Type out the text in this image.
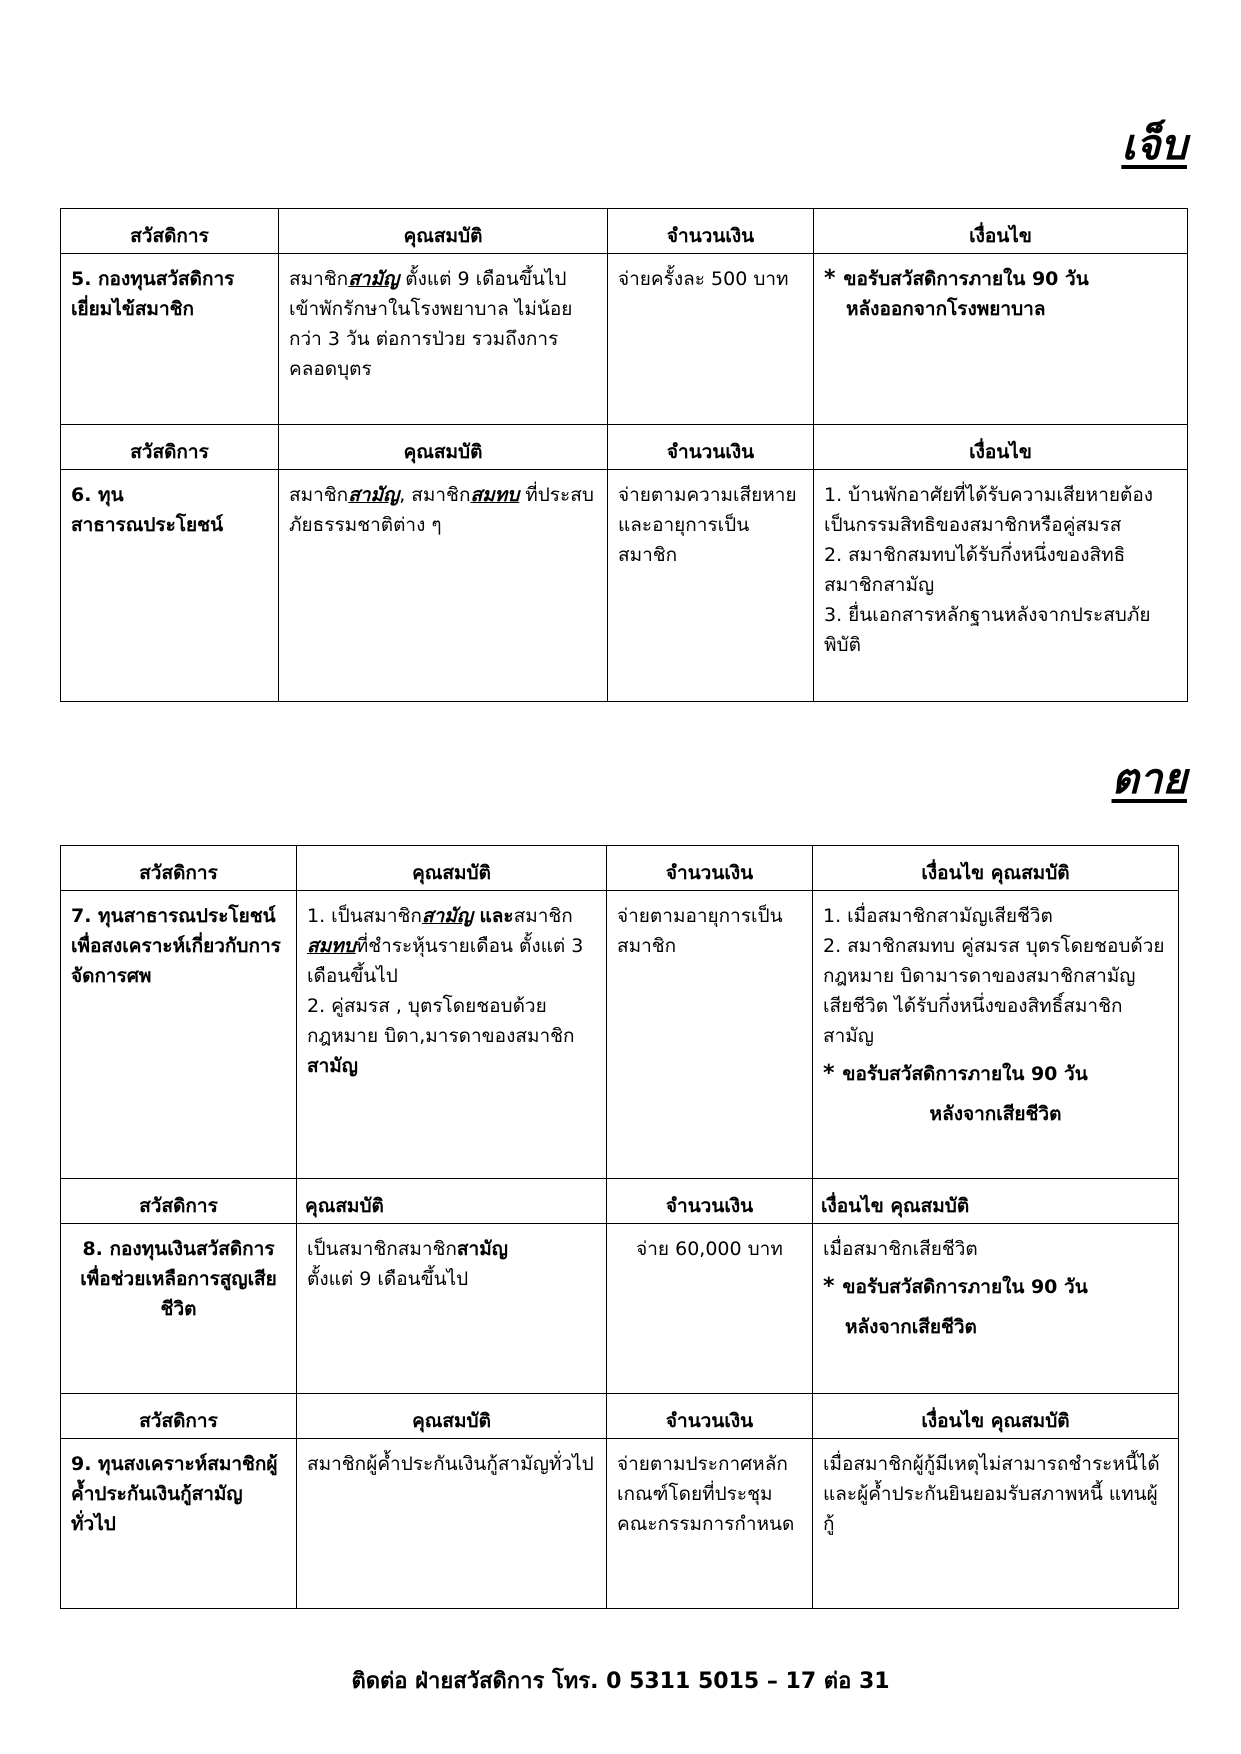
เจ็บ
สวัสดิการ	คุณสมบัติ	จำนวนเงิน	เงื่อนไข
5. กองทุนสวัสดิการเยี่ยมไข้สมาชิก	สมาชิกสามัญ ตั้งแต่ 9 เดือนขึ้นไป เข้าพักรักษาในโรงพยาบาล ไม่น้อยกว่า 3 วัน ต่อการป่วย รวมถึงการคลอดบุตร	จ่ายครั้งละ 500 บาท	* ขอรับสวัสดิการภายใน 90 วัน
หลังออกจากโรงพยาบาล

สวัสดิการ	คุณสมบัติ	จำนวนเงิน	เงื่อนไข
6. ทุน สาธารณประโยชน์	สมาชิกสามัญ, สมาชิกสมทบ ที่ประสบภัยธรรมชาติต่าง ๆ	จ่ายตามความเสียหายและอายุการเป็นสมาชิก	1. บ้านพักอาศัยที่ได้รับความเสียหายต้องเป็นกรรมสิทธิของสมาชิกหรือคู่สมรส
2. สมาชิกสมทบได้รับกึ่งหนึ่งของสิทธิสมาชิกสามัญ
3. ยื่นเอกสารหลักฐานหลังจากประสบภัยพิบัติ
ตาย
สวัสดิการ	คุณสมบัติ	จำนวนเงิน	เงื่อนไข คุณสมบัติ
7. ทุนสาธารณประโยชน์เพื่อสงเคราะห์เกี่ยวกับการจัดการศพ	1. เป็นสมาชิกสามัญ และสมาชิก สมทบที่ชำระหุ้นรายเดือน ตั้งแต่ 3 เดือนขึ้นไป
2. คู่สมรส , บุตรโดยชอบด้วยกฎหมาย บิดา,มารดาของสมาชิก สามัญ	จ่ายตามอายุการเป็นสมาชิก	1. เมื่อสมาชิกสามัญเสียชีวิต
2. สมาชิกสมทบ คู่สมรส บุตรโดยชอบด้วยกฎหมาย บิดามารดาของสมาชิกสามัญ เสียชีวิต ได้รับกึ่งหนึ่งของสิทธิ์สมาชิกสามัญ
* ขอรับสวัสดิการภายใน 90 วัน
หลังจากเสียชีวิต

สวัสดิการ	คุณสมบัติ	จำนวนเงิน	เงื่อนไข คุณสมบัติ
8. กองทุนเงินสวัสดิการเพื่อช่วยเหลือการสูญเสียชีวิต	เป็นสมาชิกสมาชิกสามัญ
ตั้งแต่ 9 เดือนขึ้นไป	จ่าย 60,000 บาท	เมื่อสมาชิกเสียชีวิต
* ขอรับสวัสดิการภายใน 90 วัน
หลังจากเสียชีวิต

สวัสดิการ	คุณสมบัติ	จำนวนเงิน	เงื่อนไข คุณสมบัติ
9. ทุนสงเคราะห์สมาชิกผู้ค้ำประกันเงินกู้สามัญทั่วไป	สมาชิกผู้ค้ำประกันเงินกู้สามัญทั่วไป	จ่ายตามประกาศหลักเกณฑ์โดยที่ประชุมคณะกรรมการกำหนด	เมื่อสมาชิกผู้กู้มีเหตุไม่สามารถชำระหนี้ได้ และผู้ค้ำประกันยินยอมรับสภาพหนี้ แทนผู้กู้
ติดต่อ ฝ่ายสวัสดิการ โทร. 0 5311 5015 – 17 ต่อ 31
